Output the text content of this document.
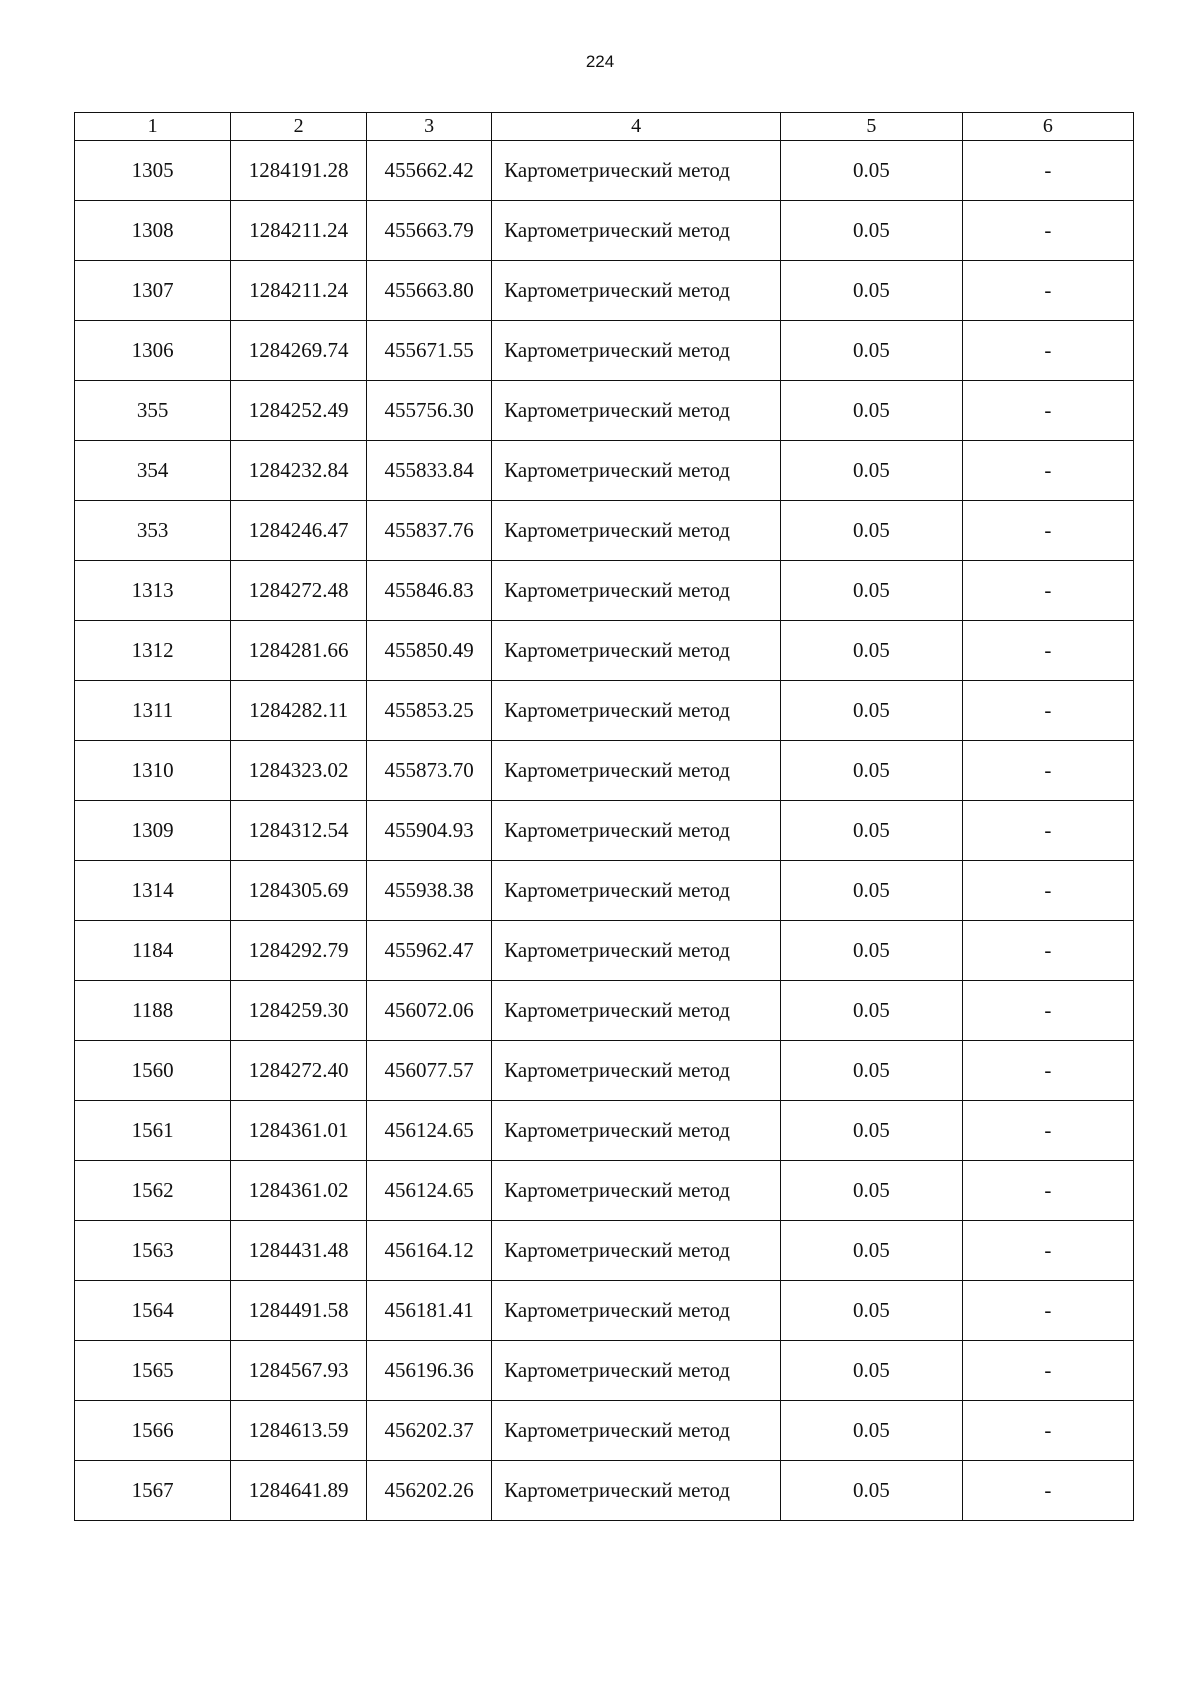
224
1	2	3	4	5	6
1305	1284191.28	455662.42	Картометрический метод	0.05	-
1308	1284211.24	455663.79	Картометрический метод	0.05	-
1307	1284211.24	455663.80	Картометрический метод	0.05	-
1306	1284269.74	455671.55	Картометрический метод	0.05	-
355	1284252.49	455756.30	Картометрический метод	0.05	-
354	1284232.84	455833.84	Картометрический метод	0.05	-
353	1284246.47	455837.76	Картометрический метод	0.05	-
1313	1284272.48	455846.83	Картометрический метод	0.05	-
1312	1284281.66	455850.49	Картометрический метод	0.05	-
1311	1284282.11	455853.25	Картометрический метод	0.05	-
1310	1284323.02	455873.70	Картометрический метод	0.05	-
1309	1284312.54	455904.93	Картометрический метод	0.05	-
1314	1284305.69	455938.38	Картометрический метод	0.05	-
1184	1284292.79	455962.47	Картометрический метод	0.05	-
1188	1284259.30	456072.06	Картометрический метод	0.05	-
1560	1284272.40	456077.57	Картометрический метод	0.05	-
1561	1284361.01	456124.65	Картометрический метод	0.05	-
1562	1284361.02	456124.65	Картометрический метод	0.05	-
1563	1284431.48	456164.12	Картометрический метод	0.05	-
1564	1284491.58	456181.41	Картометрический метод	0.05	-
1565	1284567.93	456196.36	Картометрический метод	0.05	-
1566	1284613.59	456202.37	Картометрический метод	0.05	-
1567	1284641.89	456202.26	Картометрический метод	0.05	-
